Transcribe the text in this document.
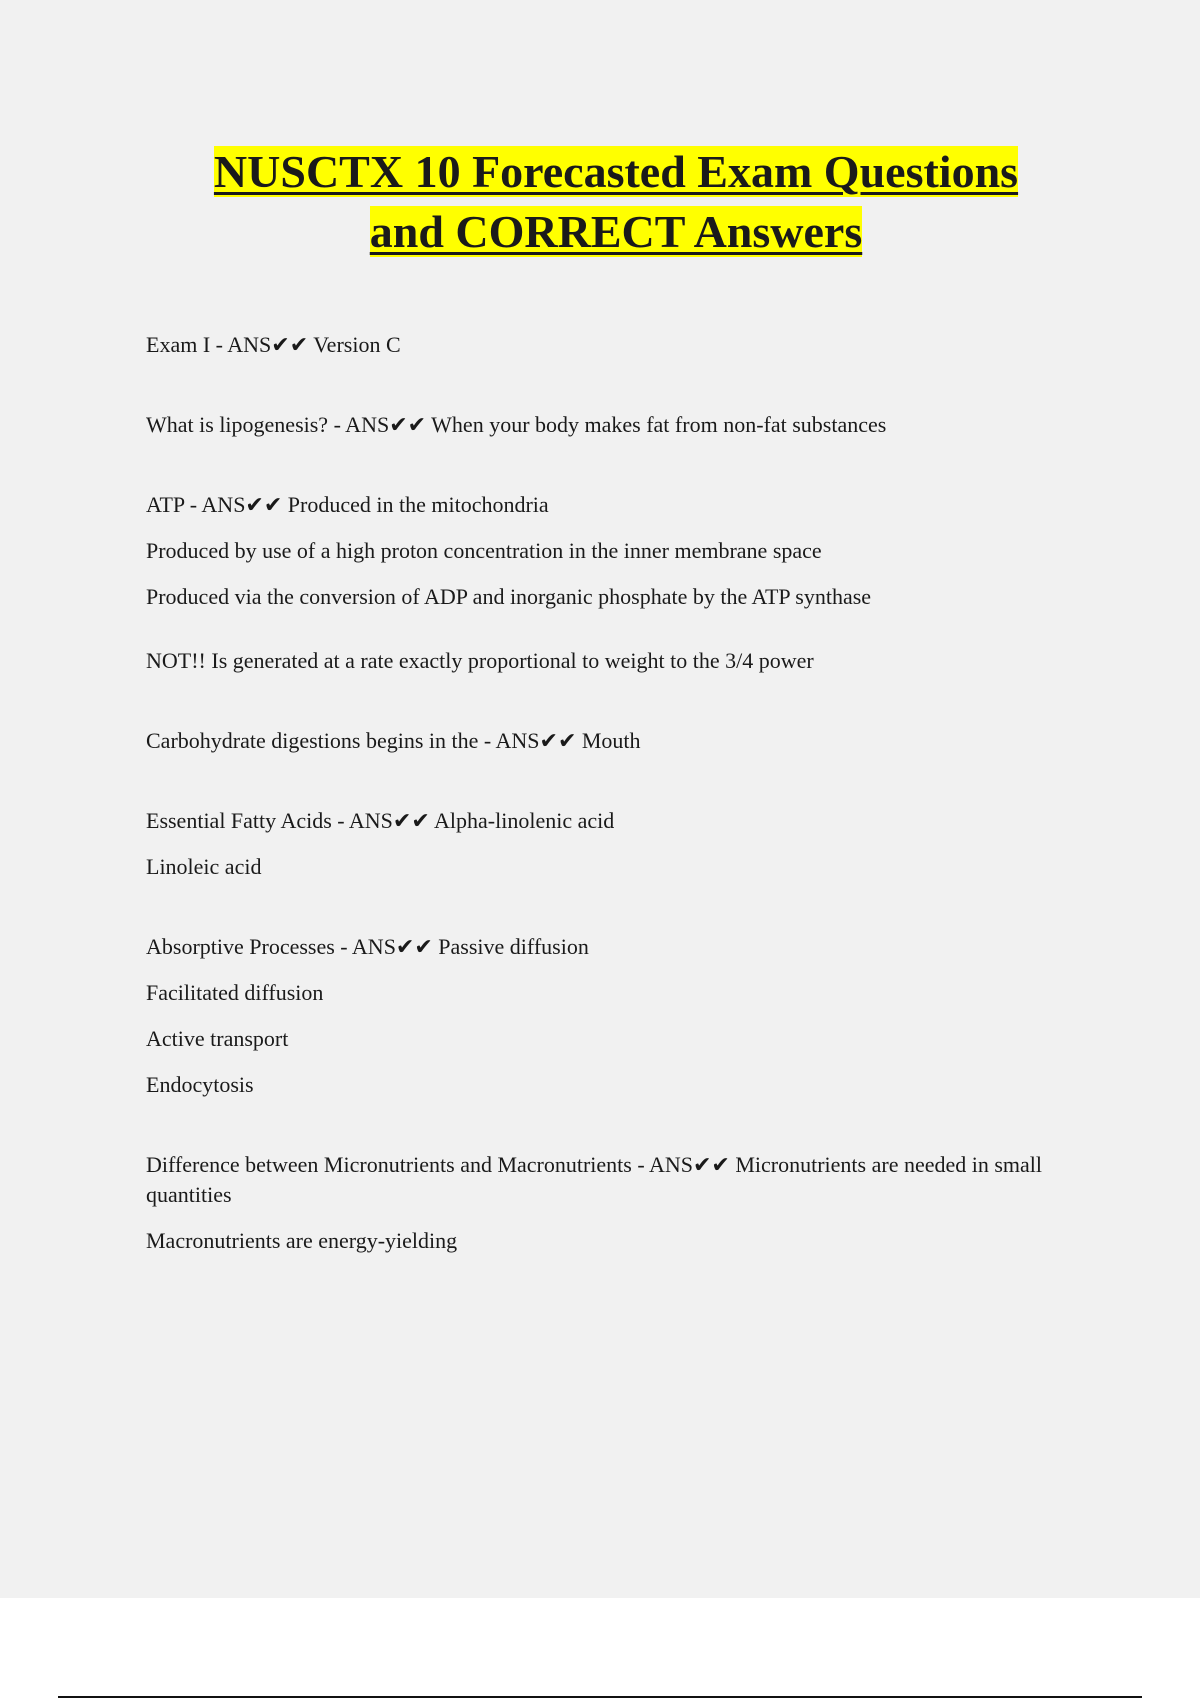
NUSCTX 10 Forecasted Exam Questions
and CORRECT Answers

Exam I - ANS✔✔ Version C

What is lipogenesis? - ANS✔✔ When your body makes fat from non-fat substances

ATP - ANS✔✔ Produced in the mitochondria

Produced by use of a high proton concentration in the inner membrane space

Produced via the conversion of ADP and inorganic phosphate by the ATP synthase

NOT!! Is generated at a rate exactly proportional to weight to the 3/4 power

Carbohydrate digestions begins in the - ANS✔✔ Mouth

Essential Fatty Acids - ANS✔✔ Alpha-linolenic acid

Linoleic acid

Absorptive Processes - ANS✔✔ Passive diffusion

Facilitated diffusion

Active transport

Endocytosis

Difference between Micronutrients and Macronutrients - ANS✔✔ Micronutrients are needed in small quantities

Macronutrients are energy-yielding
